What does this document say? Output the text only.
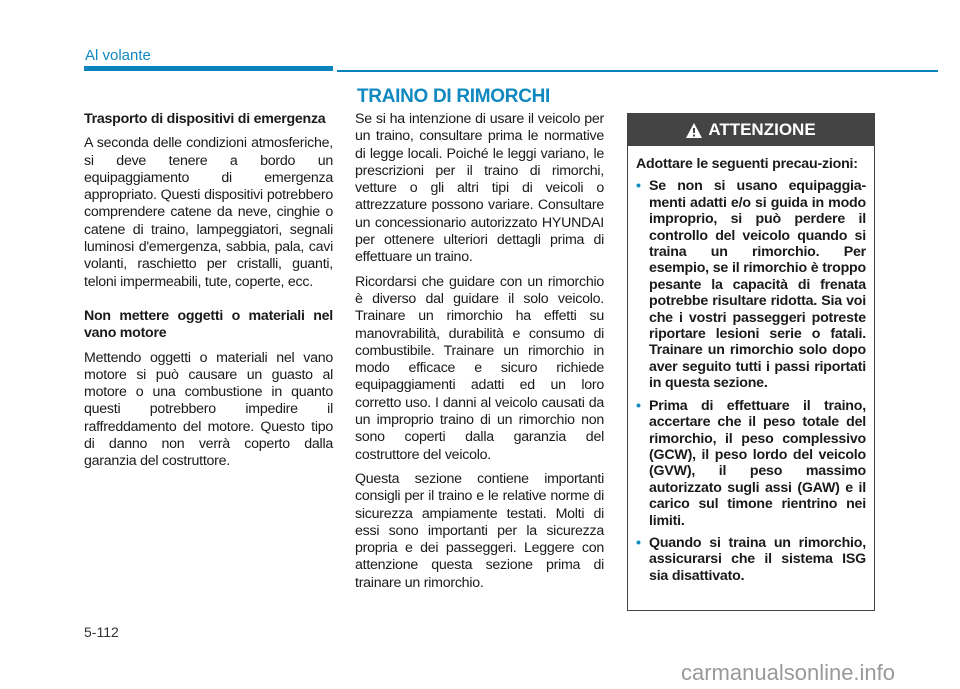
Al volante
TRAINO DI RIMORCHI
Trasporto di dispositivi di emergenza

A seconda delle condizioni atmosferiche, si deve tenere a bordo un equipaggiamento di emergenza appropriato. Questi dispositivi potrebbero comprendere catene da neve, cinghie o catene di traino, lampeggiatori, segnali luminosi d'emergenza, sabbia, pala, cavi volanti, raschietto per cristalli, guanti, teloni impermeabili, tute, coperte, ecc.

Non mettere oggetti o materiali nel vano motore

Mettendo oggetti o materiali nel vano motore si può causare un guasto al motore o una combustione in quanto questi potrebbero impedire il raffreddamento del motore. Questo tipo di danno non verrà coperto dalla garanzia del costruttore.

Se si ha intenzione di usare il veicolo per un traino, consultare prima le normative di legge locali. Poiché le leggi variano, le prescrizioni per il traino di rimorchi, vetture o gli altri tipi di veicoli o attrezzature possono variare. Consultare un concessionario autorizzato HYUNDAI per ottenere ulteriori dettagli prima di effettuare un traino.

Ricordarsi che guidare con un rimorchio è diverso dal guidare il solo veicolo. Trainare un rimorchio ha effetti su manovrabilità, durabilità e consumo di combustibile. Trainare un rimorchio in modo efficace e sicuro richiede equipaggiamenti adatti ed un loro corretto uso. I danni al veicolo causati da un improprio traino di un rimorchio non sono coperti dalla garanzia del costruttore del veicolo.

Questa sezione contiene importanti consigli per il traino e le relative norme di sicurezza ampiamente testati. Molti di essi sono importanti per la sicurezza propria e dei passeggeri. Leggere con attenzione questa sezione prima di trainare un rimorchio.

ATTENZIONE

Adottare le seguenti precau-zioni:

• Se non si usano equipaggia-menti adatti e/o si guida in modo improprio, si può perdere il controllo del veicolo quando si traina un rimorchio. Per esempio, se il rimorchio è troppo pesante la capacità di frenata potrebbe risultare ridotta. Sia voi che i vostri passeggeri potreste riportare lesioni serie o fatali. Trainare un rimorchio solo dopo aver seguito tutti i passi riportati in questa sezione.
• Prima di effettuare il traino, accertare che il peso totale del rimorchio, il peso complessivo (GCW), il peso lordo del veicolo (GVW), il peso massimo autorizzato sugli assi (GAW) e il carico sul timone rientrino nei limiti.
• Quando si traina un rimorchio, assicurarsi che il sistema ISG sia disattivato.
5-112
carmanualsonline.info
